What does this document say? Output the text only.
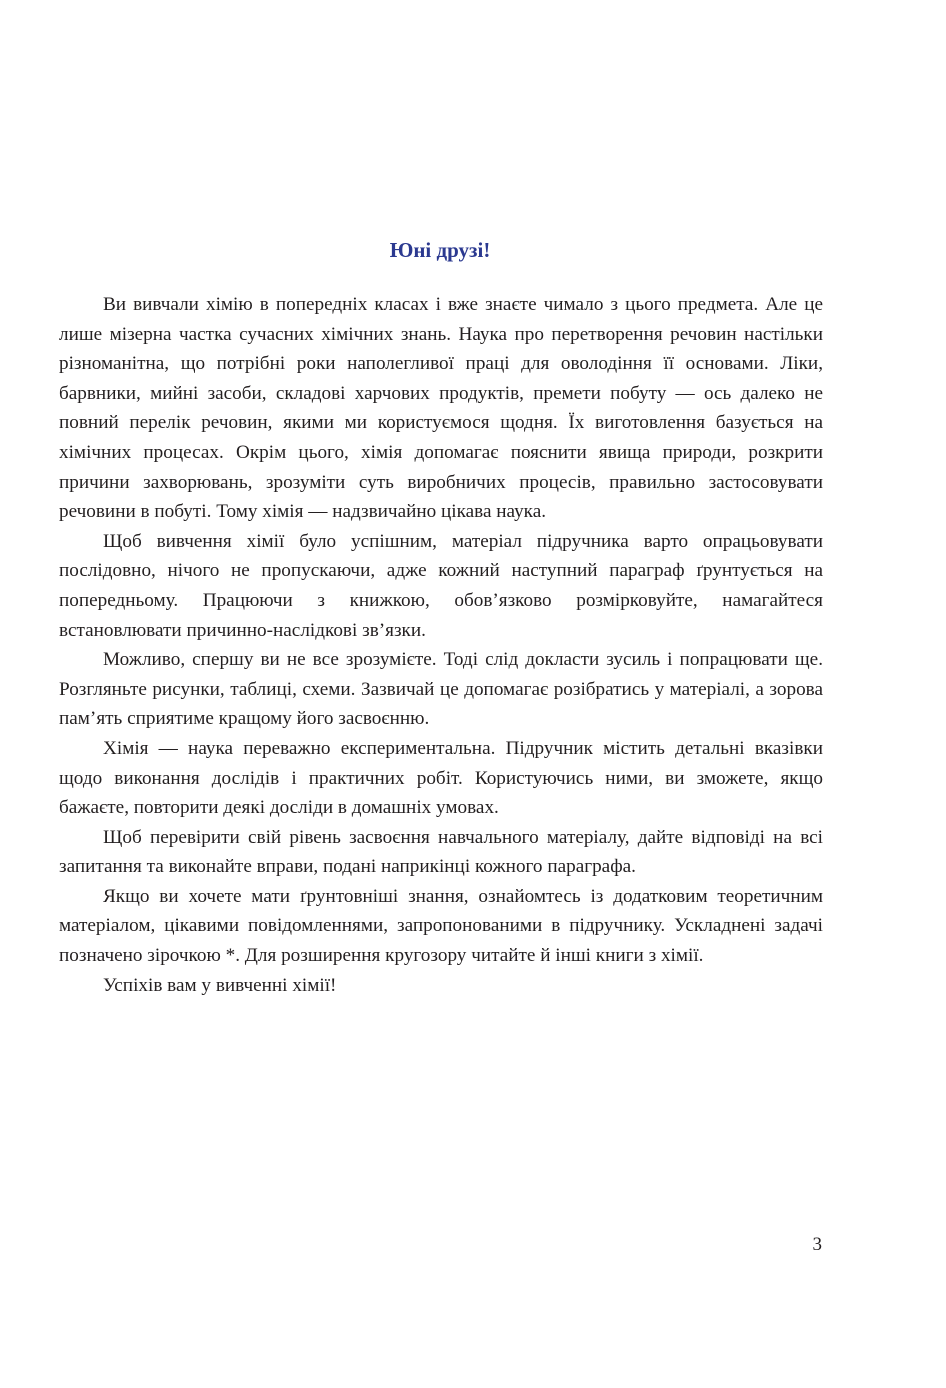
Юні друзі!

Ви вивчали хімію в попередніх класах і вже знаєте чимало з цього предмета. Але це лише мізерна частка сучасних хімічних знань. Наука про перетворення речовин настільки різноманітна, що потрібні роки наполегливої праці для оволодіння її основами. Ліки, барвники, мийні засоби, складові харчових продуктів, премети побуту — ось далеко не повний перелік речовин, якими ми користуємося щодня. Їх виготовлення базується на хімічних процесах. Окрім цього, хімія допомагає пояснити явища природи, розкрити причини захворювань, зрозуміти суть виробничих процесів, правильно застосовувати речовини в побуті. Тому хімія — надзвичайно цікава наука.

Щоб вивчення хімії було успішним, матеріал підручника варто опрацьовувати послідовно, нічого не пропускаючи, адже кожний наступний параграф ґрунтується на попередньому. Працюючи з книжкою, обов’язково розмірковуйте, намагайтеся встановлювати причинно-наслідкові зв’язки.

Можливо, спершу ви не все зрозумієте. Тоді слід докласти зусиль і попрацювати ще. Розгляньте рисунки, таблиці, схеми. Зазвичай це допомагає розібратись у матеріалі, а зорова пам’ять сприятиме кращому його засвоєнню.

Хімія — наука переважно експериментальна. Підручник містить детальні вказівки щодо виконання дослідів і практичних робіт. Користуючись ними, ви зможете, якщо бажаєте, повторити деякі досліди в домашніх умовах.

Щоб перевірити свій рівень засвоєння навчального матеріалу, дайте відповіді на всі запитання та виконайте вправи, подані наприкінці кожного параграфа.

Якщо ви хочете мати ґрунтовніші знання, ознайомтесь із додатковим теоретичним матеріалом, цікавими повідомленнями, запропонованими в підручнику. Ускладнені задачі позначено зірочкою *. Для розширення кругозору читайте й інші книги з хімії.

Успіхів вам у вивченні хімії!

3
